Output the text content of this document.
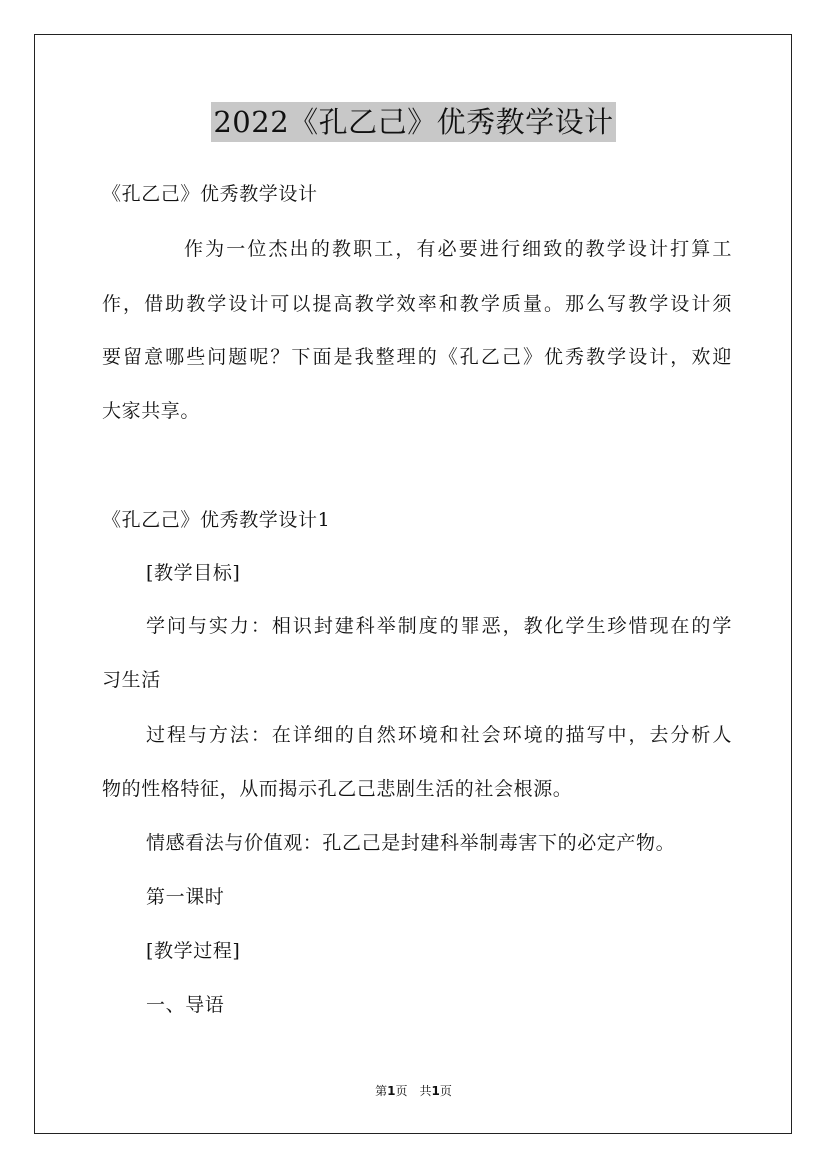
2022《孔乙己》优秀教学设计
《孔乙己》优秀教学设计
作为一位杰出的教职工，有必要进行细致的教学设计打算工
作，借助教学设计可以提高教学效率和教学质量。那么写教学设计须
要留意哪些问题呢？下面是我整理的《孔乙己》优秀教学设计，欢迎
大家共享。
《孔乙己》优秀教学设计1
[教学目标]
学问与实力：相识封建科举制度的罪恶，教化学生珍惜现在的学
习生活
过程与方法：在详细的自然环境和社会环境的描写中，去分析人
物的性格特征，从而揭示孔乙己悲剧生活的社会根源。
情感看法与价值观：孔乙己是封建科举制毒害下的必定产物。
第一课时
[教学过程]
一、导语
第1页　共1页
